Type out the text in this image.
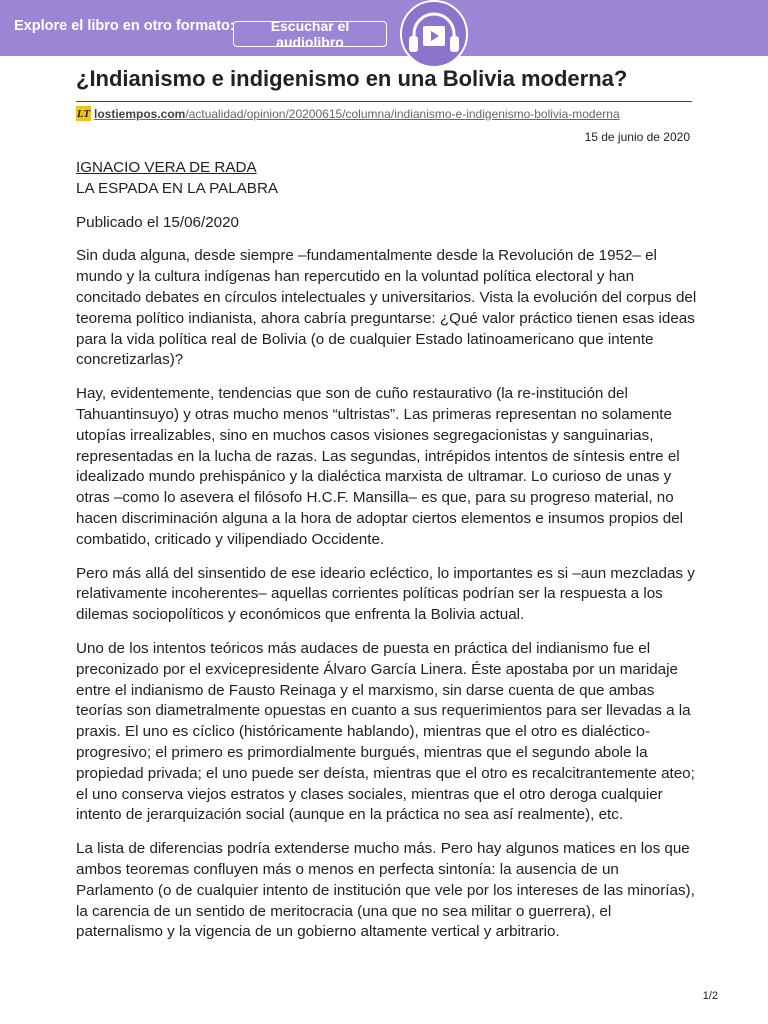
Explore el libro en otro formato:	Escuchar el audiolibro
¿Indianismo e indigenismo en una Bolivia moderna?
LT lostiempos.com/actualidad/opinion/20200615/columna/indianismo-e-indigenismo-bolivia-moderna
15 de junio de 2020
IGNACIO VERA DE RADA

LA ESPADA EN LA PALABRA

Publicado el 15/06/2020

Sin duda alguna, desde siempre –fundamentalmente desde la Revolución de 1952– el mundo y la cultura indígenas han repercutido en la voluntad política electoral y han concitado debates en círculos intelectuales y universitarios. Vista la evolución del corpus del teorema político indianista, ahora cabría preguntarse: ¿Qué valor práctico tienen esas ideas para la vida política real de Bolivia (o de cualquier Estado latinoamericano que intente concretizarlas)?

Hay, evidentemente, tendencias que son de cuño restaurativo (la re-institución del Tahuantinsuyo) y otras mucho menos “ultristas”. Las primeras representan no solamente utopías irrealizables, sino en muchos casos visiones segregacionistas y sanguinarias, representadas en la lucha de razas. Las segundas, intrépidos intentos de síntesis entre el idealizado mundo prehispánico y la dialéctica marxista de ultramar. Lo curioso de unas y otras –como lo asevera el filósofo H.C.F. Mansilla– es que, para su progreso material, no hacen discriminación alguna a la hora de adoptar ciertos elementos e insumos propios del combatido, criticado y vilipendiado Occidente.

Pero más allá del sinsentido de ese ideario ecléctico, lo importantes es si –aun mezcladas y relativamente incoherentes– aquellas corrientes políticas podrían ser la respuesta a los dilemas sociopolíticos y económicos que enfrenta la Bolivia actual.

Uno de los intentos teóricos más audaces de puesta en práctica del indianismo fue el preconizado por el exvicepresidente Álvaro García Linera. Éste apostaba por un maridaje entre el indianismo de Fausto Reinaga y el marxismo, sin darse cuenta de que ambas teorías son diametralmente opuestas en cuanto a sus requerimientos para ser llevadas a la praxis. El uno es cíclico (históricamente hablando), mientras que el otro es dialéctico-progresivo; el primero es primordialmente burgués, mientras que el segundo abole la propiedad privada; el uno puede ser deísta, mientras que el otro es recalcitrantemente ateo; el uno conserva viejos estratos y clases sociales, mientras que el otro deroga cualquier intento de jerarquización social (aunque en la práctica no sea así realmente), etc.

La lista de diferencias podría extenderse mucho más. Pero hay algunos matices en los que ambos teoremas confluyen más o menos en perfecta sintonía: la ausencia de un Parlamento (o de cualquier intento de institución que vele por los intereses de las minorías), la carencia de un sentido de meritocracia (una que no sea militar o guerrera), el paternalismo y la vigencia de un gobierno altamente vertical y arbitrario.

1/2
